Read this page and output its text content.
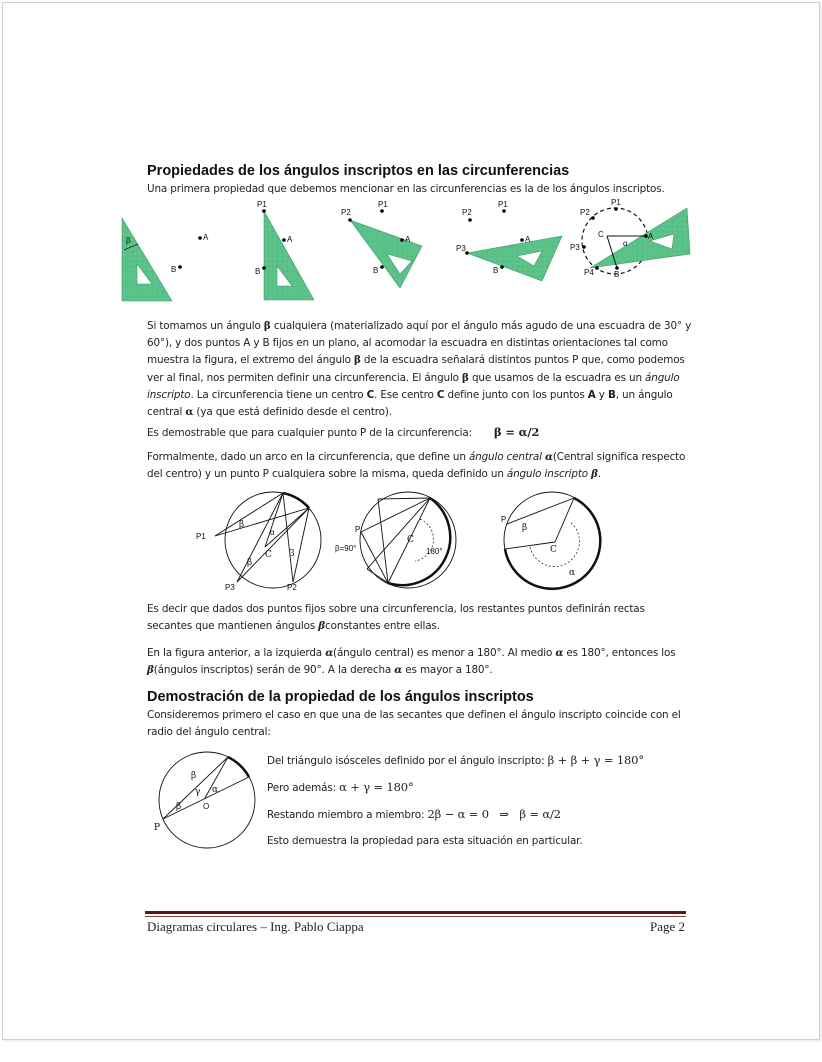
Propiedades de los ángulos inscriptos en las circunferencias
Una primera propiedad que debemos mencionar en las circunferencias es la de los ángulos inscriptos.
β	A
B
P1
A
B
P2
P1
A
B
P2
P1
P3
A
B
C
α
P1
P2
P3
A
P4	B
Si tomamos un ángulo β cualquiera (materializado aquí por el ángulo más agudo de una escuadra de 30° y 60°), y dos puntos A y B fijos en un plano, al acomodar la escuadra en distintas orientaciones tal como muestra la figura, el extremo del ángulo β de la escuadra señalará distintos puntos P que, como podemos ver al final, nos permiten definir una circunferencia. El ángulo β que usamos de la escuadra es un ángulo inscripto. La circunferencia tiene un centro C. Ese centro C define junto con los puntos A y B, un ángulo central α (ya que está definido desde el centro).
Es demostrable que para cualquier punto P de la circunferencia: β = α/2
Formalmente, dado un arco en la circunferencia, que define un ángulo central α(Central significa respecto del centro) y un punto P cualquiera sobre la misma, queda definido un ángulo inscripto β.
P1
β
α
C
β
3
P3	P2
P
β=90°
C
180°
P
β
C
α
Es decir que dados dos puntos fijos sobre una circunferencia, los restantes puntos definirán rectas secantes que mantienen ángulos βconstantes entre ellas.
En la figura anterior, a la izquierda α(ángulo central) es menor a 180°. Al medio α es 180°, entonces los β(ángulos inscriptos) serán de 90°. A la derecha α es mayor a 180°.
Demostración de la propiedad de los ángulos inscriptos
Consideremos primero el caso en que una de las secantes que definen el ángulo inscripto coincide con el radio del ángulo central:
β
γ α
β	O
P
Del triángulo isósceles definido por el ángulo inscripto: β + β + γ = 180°
Pero además: α + γ = 180°
Restando miembro a miembro: 2β − α = 0   ⇒   β = α/2
Esto demuestra la propiedad para esta situación en particular.
Diagramas circulares – Ing. Pablo Ciappa	Page 2
